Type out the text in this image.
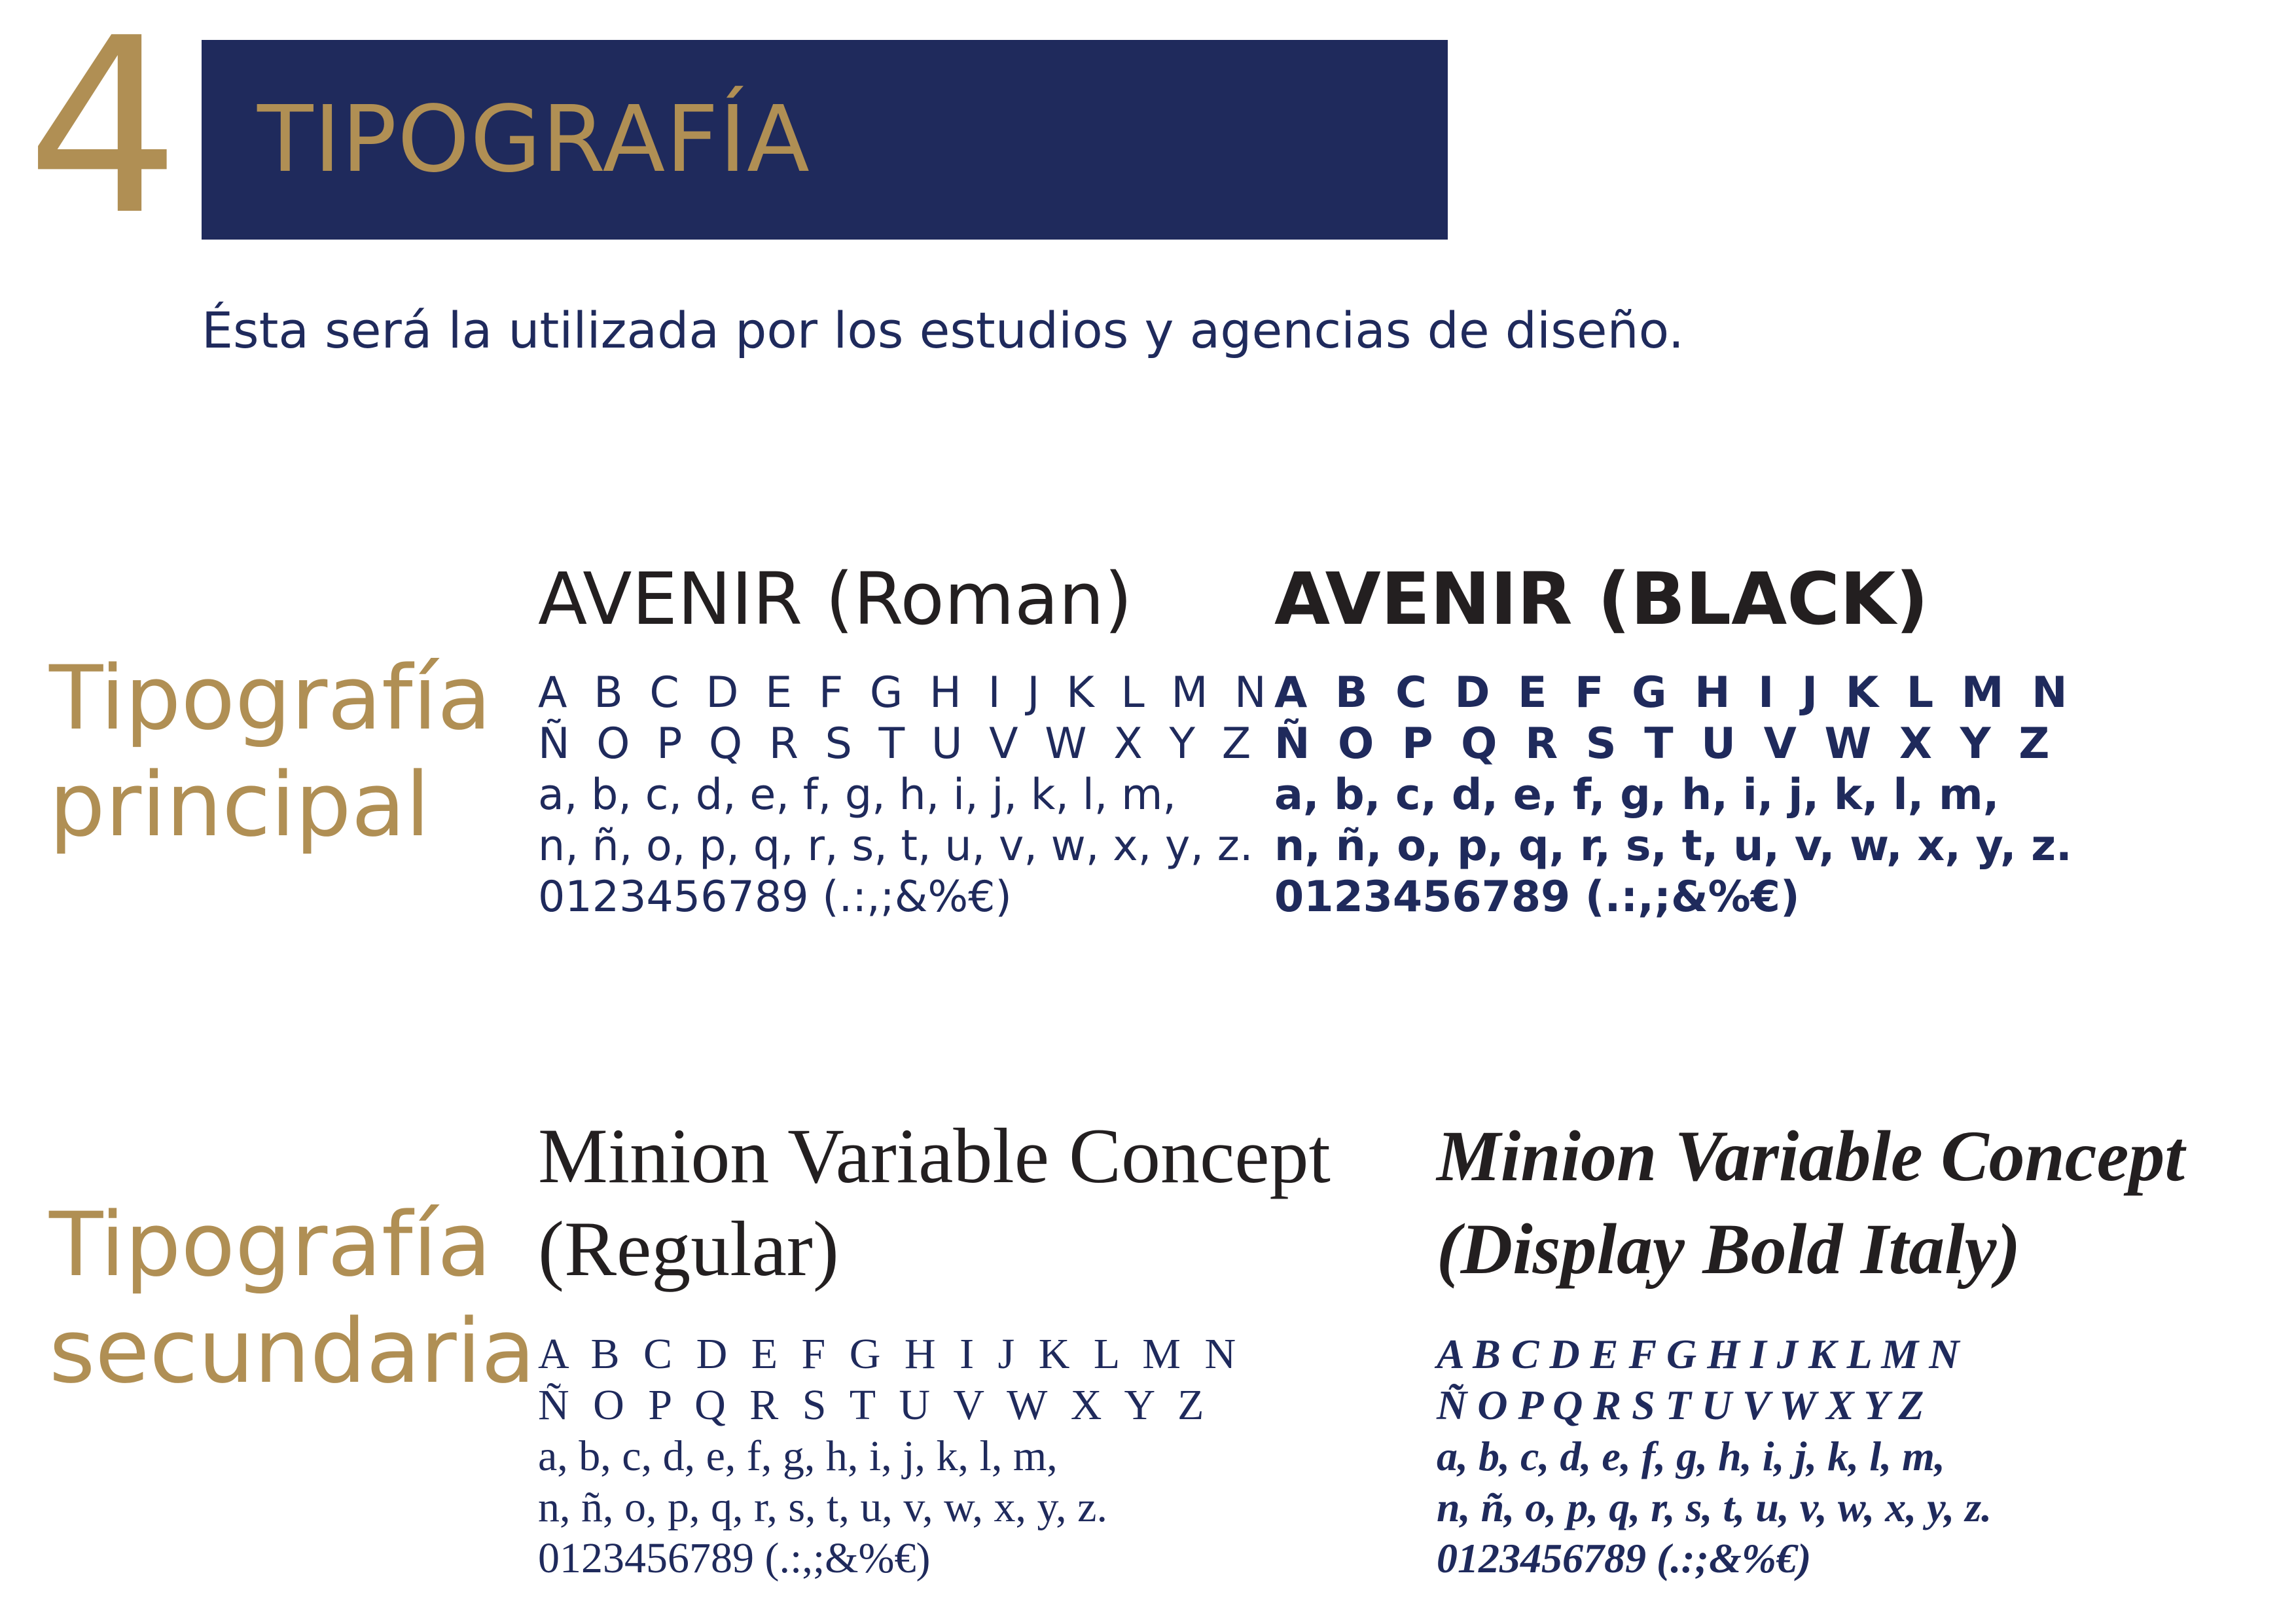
4 TIPOGRAFÍA
Ésta será la utilizada por los estudios y agencias de diseño.
Tipografía
principal
AVENIR (Roman)
A B C D E F G H I J K L M N
Ñ O P Q R S T U V W X Y Z
a, b, c, d, e, f, g, h, i, j, k, l, m,
n, ñ, o, p, q, r, s, t, u, v, w, x, y, z.
0123456789 (.:,;&%€)
AVENIR (BLACK)
A B C D E F G H I J K L M N
Ñ O P Q R S T U V W X Y Z
a, b, c, d, e, f, g, h, i, j, k, l, m,
n, ñ, o, p, q, r, s, t, u, v, w, x, y, z.
0123456789 (.:,;&%€)
Tipografía
secundaria
Minion Variable Concept
(Regular)
A B C D E F G H I J K L M N
Ñ O P Q R S T U V W X Y Z
a, b, c, d, e, f, g, h, i, j, k, l, m,
n, ñ, o, p, q, r, s, t, u, v, w, x, y, z.
0123456789 (.:,;&%€)
Minion Variable Concept
(Display Bold Italy)
A B C D E F G H I J K L M N
Ñ O P Q R S T U V W X Y Z
a, b, c, d, e, f, g, h, i, j, k, l, m,
n, ñ, o, p, q, r, s, t, u, v, w, x, y, z.
0123456789 (.:;&%€)
